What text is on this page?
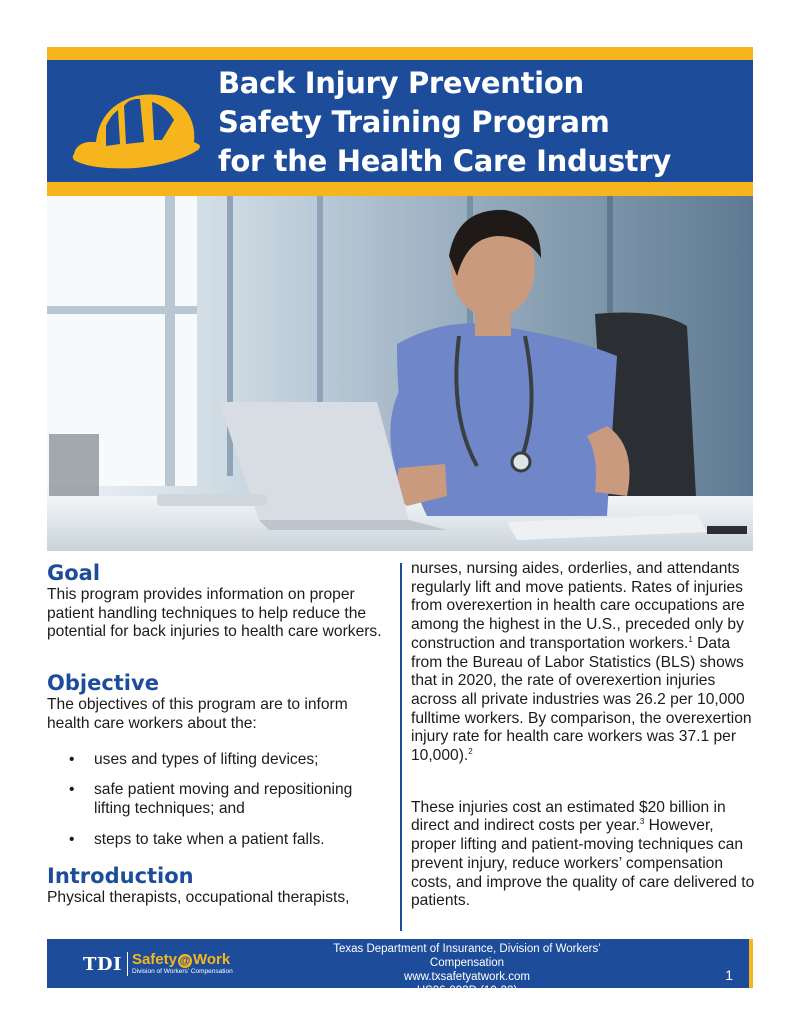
Back Injury Prevention
Safety Training Program
for the Health Care Industry
Goal

This program provides information on proper patient handling techniques to help reduce the potential for back injuries to health care workers.

Objective

The objectives of this program are to inform health care workers about the:

• uses and types of lifting devices;
• safe patient moving and repositioning lifting techniques; and
• steps to take when a patient falls.
Introduction

Physical therapists, occupational therapists,

nurses, nursing aides, orderlies, and attendants regularly lift and move patients. Rates of injuries from overexertion in health care occupations are among the highest in the U.S., preceded only by construction and transportation workers.$^1$ Data from the Bureau of Labor Statistics (BLS) shows that in 2020, the rate of overexertion injuries across all private industries was 26.2 per 10,000 fulltime workers. By comparison, the overexertion injury rate for health care workers was 37.1 per 10,000).$^2$

These injuries cost an estimated $20 billion in direct and indirect costs per year.$^3$ However, proper lifting and patient-moving techniques can prevent injury, reduce workers’ compensation costs, and improve the quality of care delivered to patients.

TDI Safety @ Work
Division of Workers’ Compensation
Texas Department of Insurance, Division of Workers’ Compensation
www.txsafetyatwork.com
HS96-093D (10-22)
1
